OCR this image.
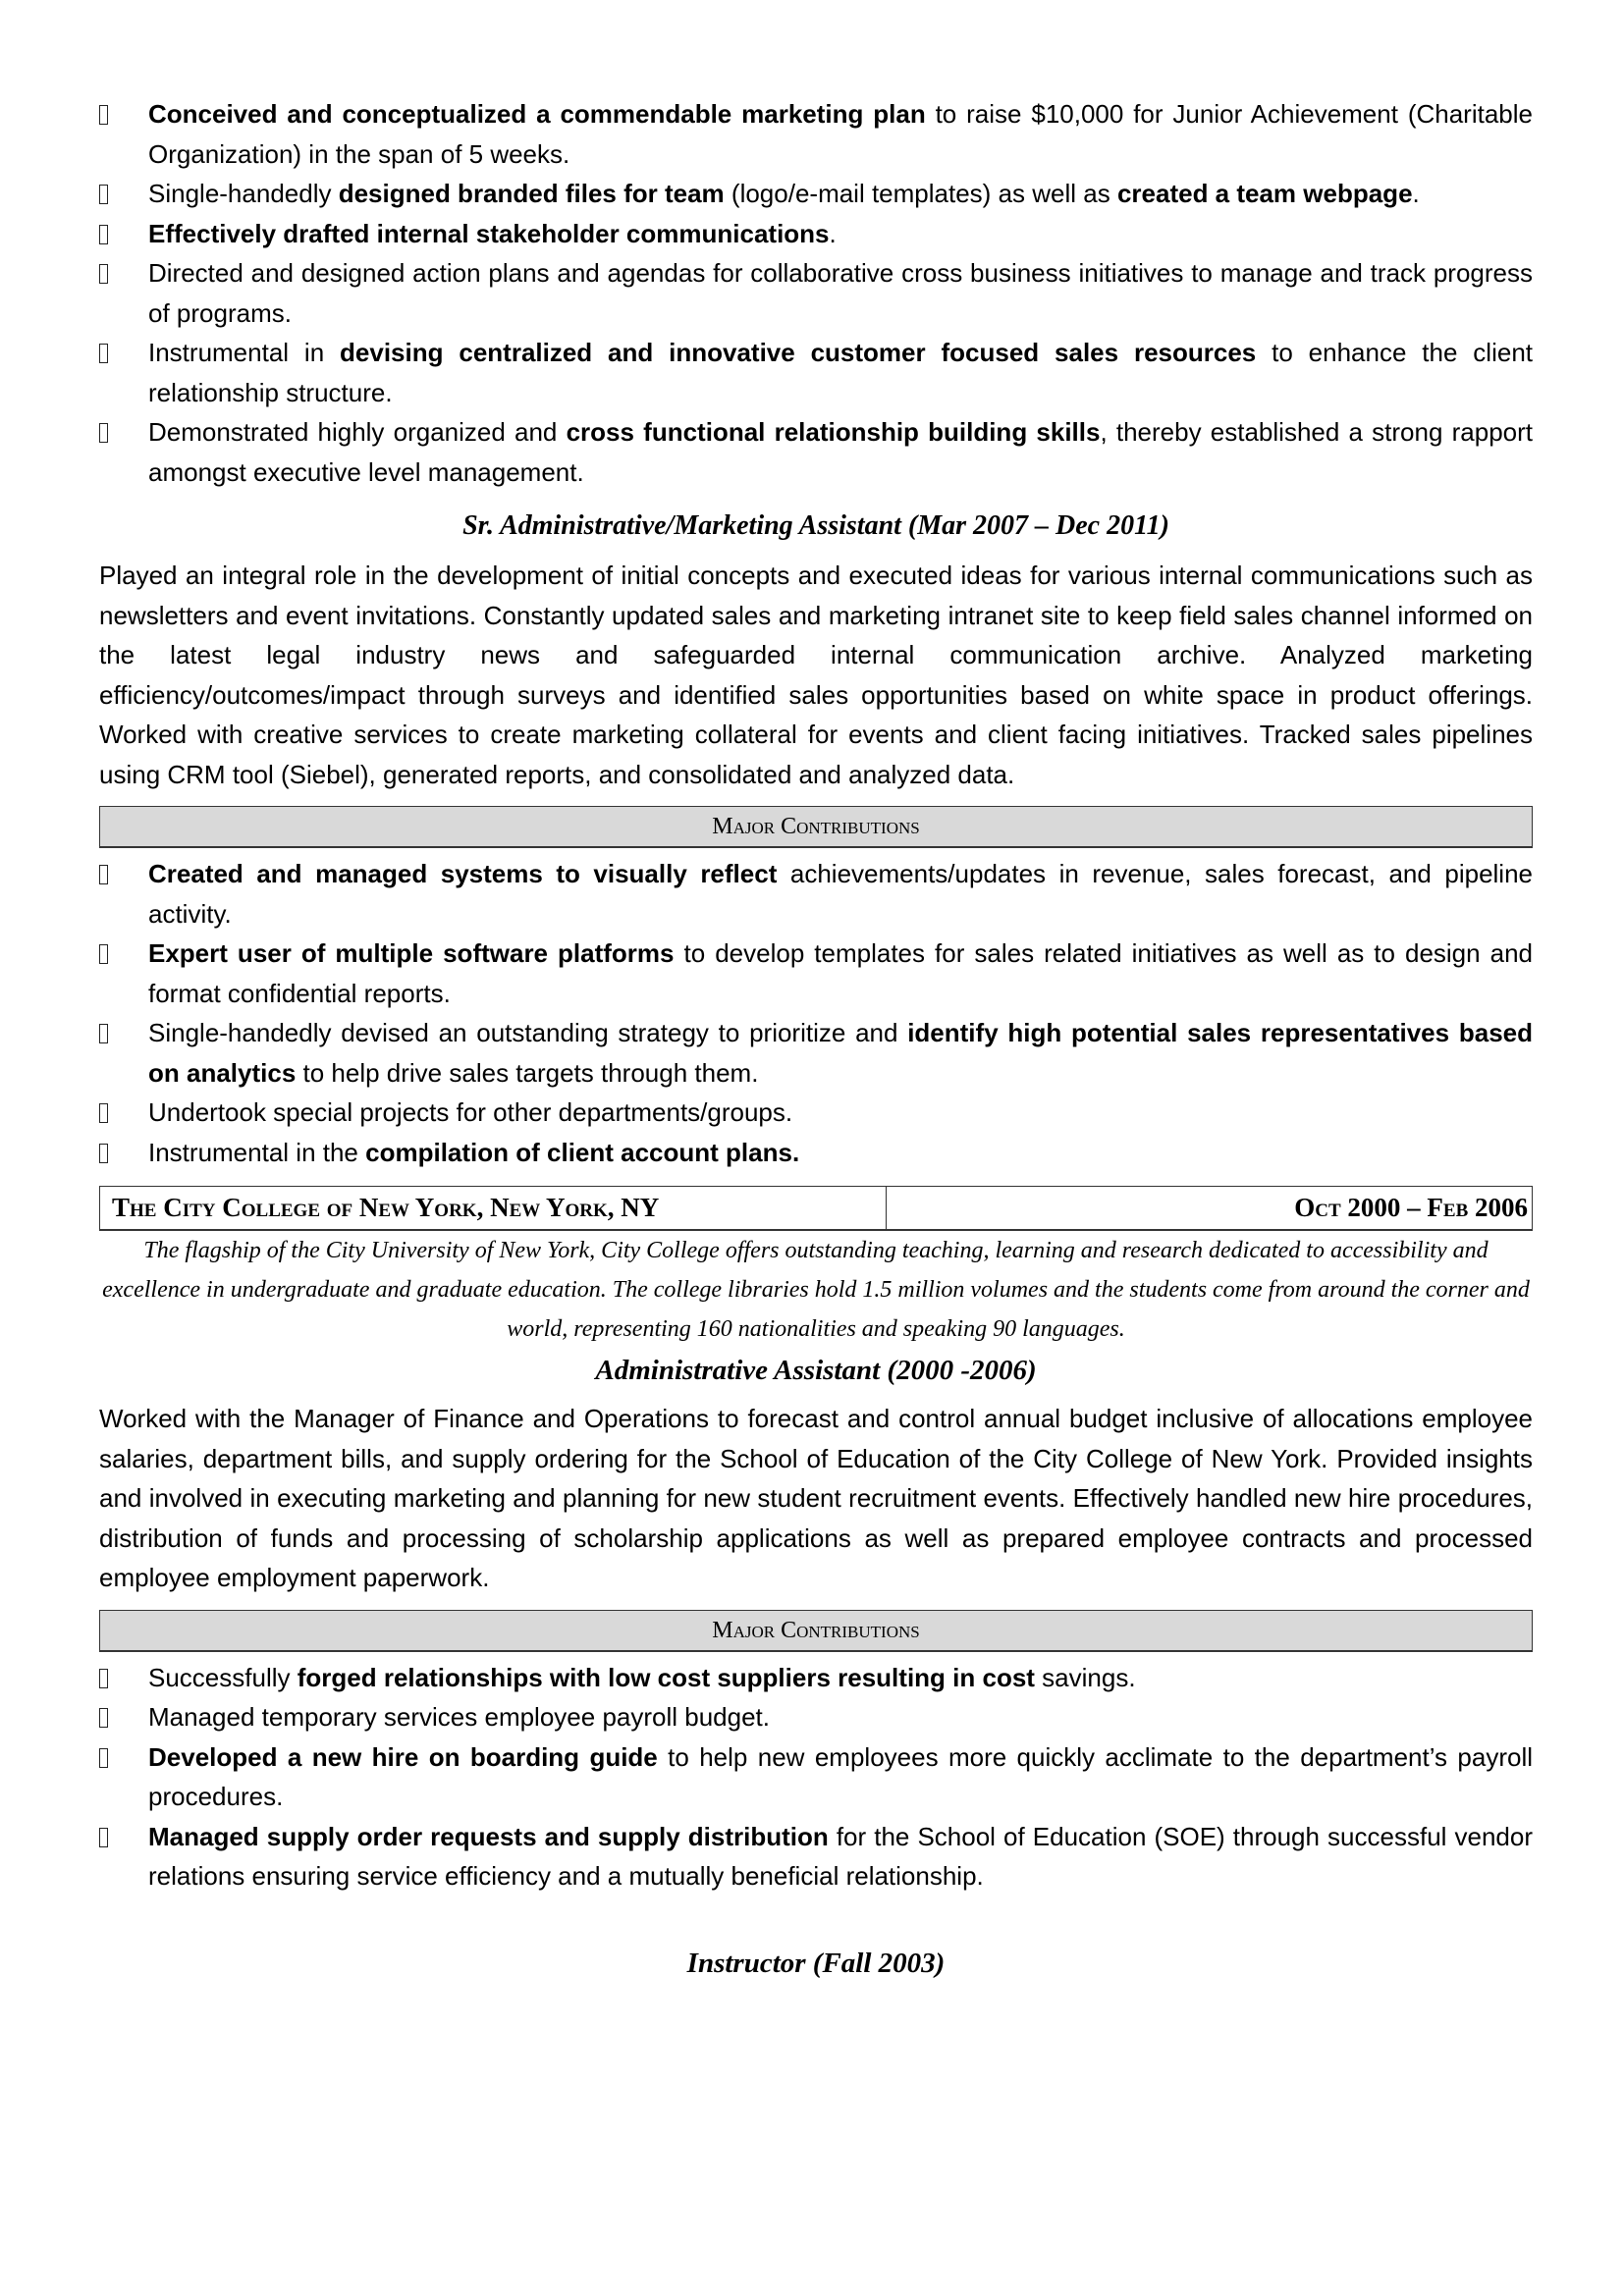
Conceived and conceptualized a commendable marketing plan to raise $10,000 for Junior Achievement (Charitable Organization) in the span of 5 weeks.
Single-handedly designed branded files for team (logo/e-mail templates) as well as created a team webpage.
Effectively drafted internal stakeholder communications.
Directed and designed action plans and agendas for collaborative cross business initiatives to manage and track progress of programs.
Instrumental in devising centralized and innovative customer focused sales resources to enhance the client relationship structure.
Demonstrated highly organized and cross functional relationship building skills, thereby established a strong rapport amongst executive level management.
Sr. Administrative/Marketing Assistant (Mar 2007 – Dec 2011)

Played an integral role in the development of initial concepts and executed ideas for various internal communications such as newsletters and event invitations. Constantly updated sales and marketing intranet site to keep field sales channel informed on the latest legal industry news and safeguarded internal communication archive. Analyzed marketing efficiency/outcomes/impact through surveys and identified sales opportunities based on white space in product offerings. Worked with creative services to create marketing collateral for events and client facing initiatives. Tracked sales pipelines using CRM tool (Siebel), generated reports, and consolidated and analyzed data.

Major Contributions
Created and managed systems to visually reflect achievements/updates in revenue, sales forecast, and pipeline activity.
Expert user of multiple software platforms to develop templates for sales related initiatives as well as to design and format confidential reports.
Single-handedly devised an outstanding strategy to prioritize and identify high potential sales representatives based on analytics to help drive sales targets through them.
Undertook special projects for other departments/groups.
Instrumental in the compilation of client account plans.
The City College of New York, New York, NY	Oct 2000 – Feb 2006

The flagship of the City University of New York, City College offers outstanding teaching, learning and research dedicated to accessibility and excellence in undergraduate and graduate education. The college libraries hold 1.5 million volumes and the students come from around the corner and world, representing 160 nationalities and speaking 90 languages.

Administrative Assistant (2000 -2006)

Worked with the Manager of Finance and Operations to forecast and control annual budget inclusive of allocations employee salaries, department bills, and supply ordering for the School of Education of the City College of New York. Provided insights and involved in executing marketing and planning for new student recruitment events. Effectively handled new hire procedures, distribution of funds and processing of scholarship applications as well as prepared employee contracts and processed employee employment paperwork.

Major Contributions
Successfully forged relationships with low cost suppliers resulting in cost savings.
Managed temporary services employee payroll budget.
Developed a new hire on boarding guide to help new employees more quickly acclimate to the department’s payroll procedures.
Managed supply order requests and supply distribution for the School of Education (SOE) through successful vendor relations ensuring service efficiency and a mutually beneficial relationship.
Instructor (Fall 2003)
